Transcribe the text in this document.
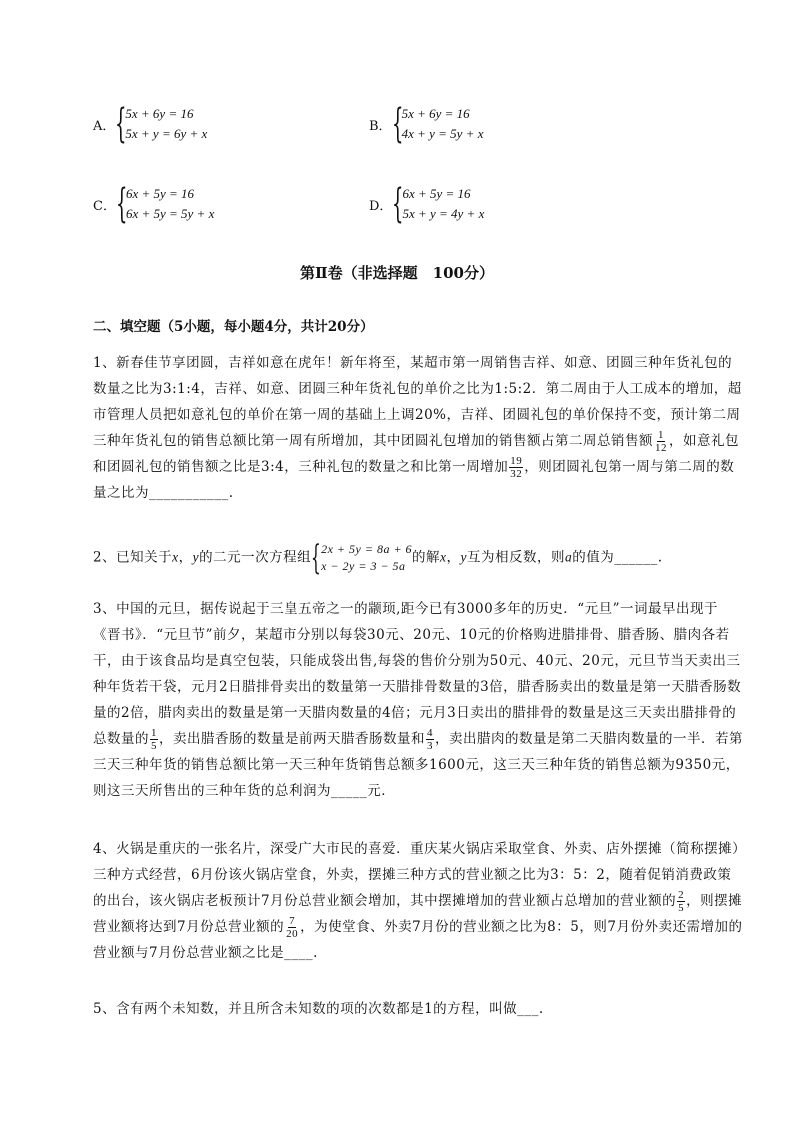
A． {
5x + 6y = 16
5x + y = 6y + x	B． {
5x + 6y = 16
4x + y = 5y + x
C． {
6x + 5y = 16
6x + 5y = 5y + x	D． {
6x + 5y = 16
5x + y = 4y + x
第Ⅱ卷（非选择题　100分）
二、填空题（5小题，每小题4分，共计20分）

1、新春佳节享团圆，吉祥如意在虎年！新年将至，某超市第一周销售吉祥、如意、团圆三种年货礼包的数量之比为3:1:4，吉祥、如意、团圆三种年货礼包的单价之比为1:5:2．第二周由于人工成本的增加，超市管理人员把如意礼包的单价在第一周的基础上上调20%，吉祥、团圆礼包的单价保持不变，预计第二周三种年货礼包的销售总额比第一周有所增加，其中团圆礼包增加的销售额占第二周总销售额 $\frac{1}{12}$ ，如意礼包和团圆礼包的销售额之比是3:4，三种礼包的数量之和比第一周增加 $\frac{19}{32}$ ，则团圆礼包第一周与第二周的数量之比为___________.

2、已知关于x，y的二元一次方程组 { 2x + 5y = 8a + 6
x − 2y = 3 − 5a
的解x，y互为相反数，则a的值为______.

3、中国的元旦，据传说起于三皇五帝之一的颛顼,距今已有3000多年的历史．“元旦”一词最早出现于《晋书》．“元旦节”前夕，某超市分别以每袋30元、20元、10元的价格购进腊排骨、腊香肠、腊肉各若干，由于该食品均是真空包装，只能成袋出售,每袋的售价分别为50元、40元、20元，元旦节当天卖出三种年货若干袋，元月2日腊排骨卖出的数量第一天腊排骨数量的3倍，腊香肠卖出的数量是第一天腊香肠数量的2倍，腊肉卖出的数量是第一天腊肉数量的4倍；元月3日卖出的腊排骨的数量是这三天卖出腊排骨的总数量的 $\frac{1}{5}$ ，卖出腊香肠的数量是前两天腊香肠数量和 $\frac{4}{3}$ ，卖出腊肉的数量是第二天腊肉数量的一半．若第三天三种年货的销售总额比第一天三种年货销售总额多1600元，这三天三种年货的销售总额为9350元，则这三天所售出的三种年货的总利润为_____元．

4、火锅是重庆的一张名片，深受广大市民的喜爱．重庆某火锅店采取堂食、外卖、店外摆摊（简称摆摊）三种方式经营，6月份该火锅店堂食，外卖，摆摊三种方式的营业额之比为3：5：2，随着促销消费政策的出台，该火锅店老板预计7月份总营业额会增加，其中摆摊增加的营业额占总增加的营业额的 $\frac{2}{5}$ ，则摆摊营业额将达到7月份总营业额的 $\frac{7}{20}$ ，为使堂食、外卖7月份的营业额之比为8：5，则7月份外卖还需增加的营业额与7月份总营业额之比是____.

5、含有两个未知数，并且所含未知数的项的次数都是1的方程，叫做___.
